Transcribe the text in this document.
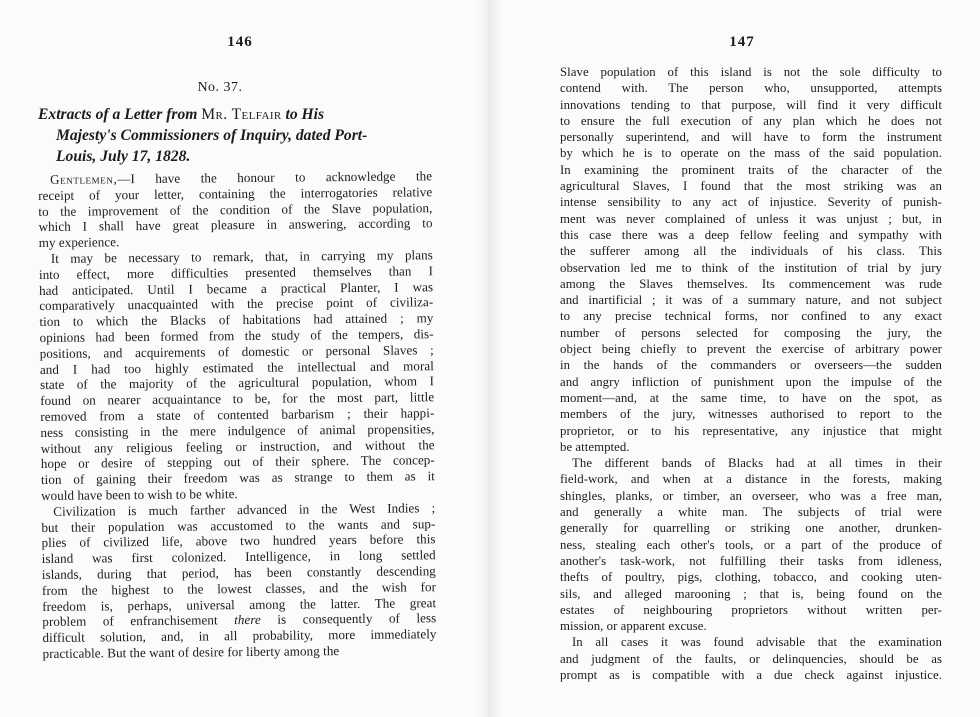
146
No. 37.
Extracts of a Letter from Mr. Telfair to His
Majesty's Commissioners of Inquiry, dated Port-
Louis, July 17, 1828.
Gentlemen,—I have the honour to acknowledge the
receipt of your letter, containing the interrogatories relative
to the improvement of the condition of the Slave population,
which I shall have great pleasure in answering, according to
my experience.
It may be necessary to remark, that, in carrying my plans
into effect, more difficulties presented themselves than I
had anticipated. Until I became a practical Planter, I was
comparatively unacquainted with the precise point of civiliza-
tion to which the Blacks of habitations had attained ; my
opinions had been formed from the study of the tempers, dis-
positions, and acquirements of domestic or personal Slaves ;
and I had too highly estimated the intellectual and moral
state of the majority of the agricultural population, whom I
found on nearer acquaintance to be, for the most part, little
removed from a state of contented barbarism ; their happi-
ness consisting in the mere indulgence of animal propensities,
without any religious feeling or instruction, and without the
hope or desire of stepping out of their sphere. The concep-
tion of gaining their freedom was as strange to them as it
would have been to wish to be white.
Civilization is much farther advanced in the West Indies ;
but their population was accustomed to the wants and sup-
plies of civilized life, above two hundred years before this
island was first colonized. Intelligence, in long settled
islands, during that period, has been constantly descending
from the highest to the lowest classes, and the wish for
freedom is, perhaps, universal among the latter. The great
problem of enfranchisement there is consequently of less
difficult solution, and, in all probability, more immediately
practicable. But the want of desire for liberty among the
147
Slave population of this island is not the sole difficulty to
contend with. The person who, unsupported, attempts
innovations tending to that purpose, will find it very difficult
to ensure the full execution of any plan which he does not
personally superintend, and will have to form the instrument
by which he is to operate on the mass of the said population.
In examining the prominent traits of the character of the
agricultural Slaves, I found that the most striking was an
intense sensibility to any act of injustice. Severity of punish-
ment was never complained of unless it was unjust ; but, in
this case there was a deep fellow feeling and sympathy with
the sufferer among all the individuals of his class. This
observation led me to think of the institution of trial by jury
among the Slaves themselves. Its commencement was rude
and inartificial ; it was of a summary nature, and not subject
to any precise technical forms, nor confined to any exact
number of persons selected for composing the jury, the
object being chiefly to prevent the exercise of arbitrary power
in the hands of the commanders or overseers—the sudden
and angry infliction of punishment upon the impulse of the
moment—and, at the same time, to have on the spot, as
members of the jury, witnesses authorised to report to the
proprietor, or to his representative, any injustice that might
be attempted.
The different bands of Blacks had at all times in their
field-work, and when at a distance in the forests, making
shingles, planks, or timber, an overseer, who was a free man,
and generally a white man. The subjects of trial were
generally for quarrelling or striking one another, drunken-
ness, stealing each other's tools, or a part of the produce of
another's task-work, not fulfilling their tasks from idleness,
thefts of poultry, pigs, clothing, tobacco, and cooking uten-
sils, and alleged marooning ; that is, being found on the
estates of neighbouring proprietors without written per-
mission, or apparent excuse.
In all cases it was found advisable that the examination
and judgment of the faults, or delinquencies, should be as
prompt as is compatible with a due check against injustice.
